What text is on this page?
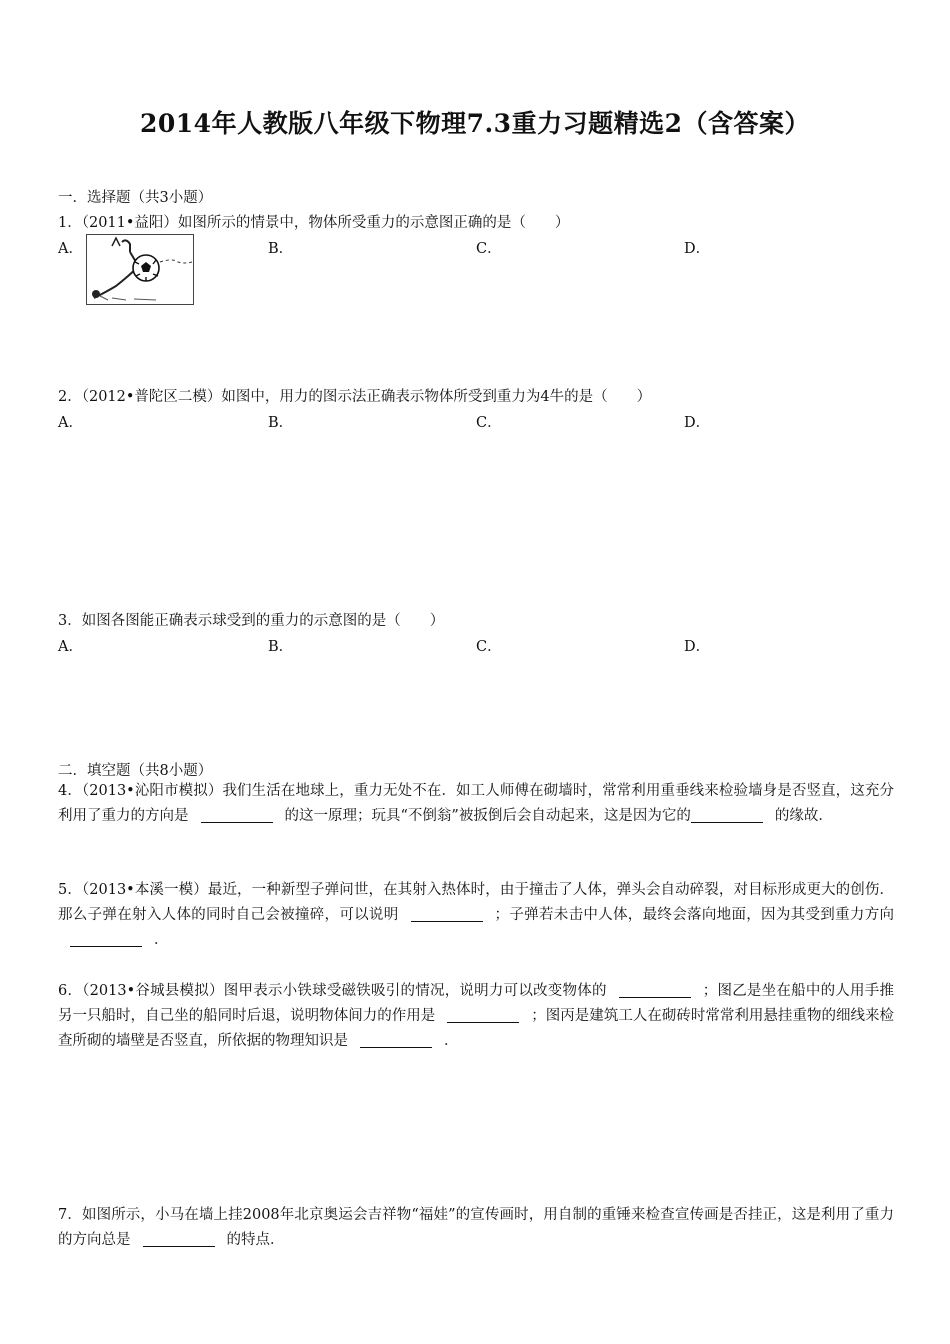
2014年人教版八年级下物理7.3重力习题精选2（含答案）
一．选择题（共3小题）
1．（2011•益阳）如图所示的情景中，物体所受重力的示意图正确的是（　　）
A．	B．	C．	D．
2．（2012•普陀区二模）如图中，用力的图示法正确表示物体所受到重力为4牛的是（　　）
A．	B．	C．	D．
3．如图各图能正确表示球受到的重力的示意图的是（　　）
A．	B．	C．	D．
二．填空题（共8小题）
4．（2013•沁阳市模拟）我们生活在地球上，重力无处不在．如工人师傅在砌墙时，常常利用重垂线来检验墙身是否竖直，这充分利用了重力的方向是	的这一原理；玩具“不倒翁”被扳倒后会自动起来，这是因为它的	的缘故．
5．（2013•本溪一模）最近，一种新型子弹问世，在其射入热体时，由于撞击了人体，弹头会自动碎裂，对目标形成更大的创伤．那么子弹在射入人体的同时自己会被撞碎，可以说明	；子弹若未击中人体，最终会落向地面，因为其受到重力方向．
6．（2013•谷城县模拟）图甲表示小铁球受磁铁吸引的情况，说明力可以改变物体的	；图乙是坐在船中的人用手推另一只船时，自己坐的船同时后退，说明物体间力的作用是	；图丙是建筑工人在砌砖时常常利用悬挂重物的细线来检查所砌的墙壁是否竖直，所依据的物理知识是	．
7．如图所示，小马在墙上挂2008年北京奥运会吉祥物“福娃”的宣传画时，用自制的重锤来检查宣传画是否挂正，这是利用了重力的方向总是	的特点．
